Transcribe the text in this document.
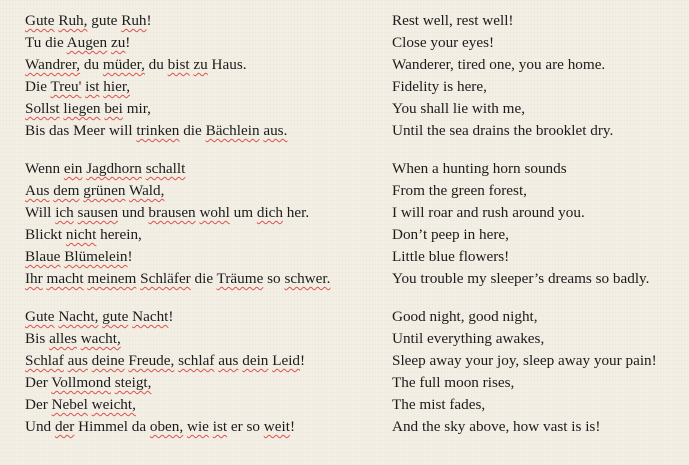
Gute Ruh, gute Ruh!
Tu die Augen zu!
Wandrer, du müder, du bist zu Haus.
Die Treu' ist hier,
Sollst liegen bei mir,
Bis das Meer will trinken die Bächlein aus.
Wenn ein Jagdhorn schallt
Aus dem grünen Wald,
Will ich sausen und brausen wohl um dich her.
Blickt nicht herein,
Blaue Blümelein!
Ihr macht meinem Schläfer die Träume so schwer.
Gute Nacht, gute Nacht!
Bis alles wacht,
Schlaf aus deine Freude, schlaf aus dein Leid!
Der Vollmond steigt,
Der Nebel weicht,
Und der Himmel da oben, wie ist er so weit!
Rest well, rest well!
Close your eyes!
Wanderer, tired one, you are home.
Fidelity is here,
You shall lie with me,
Until the sea drains the brooklet dry.
When a hunting horn sounds
From the green forest,
I will roar and rush around you.
Don’t peep in here,
Little blue flowers!
You trouble my sleeper’s dreams so badly.
Good night, good night,
Until everything awakes,
Sleep away your joy, sleep away your pain!
The full moon rises,
The mist fades,
And the sky above, how vast is is!
